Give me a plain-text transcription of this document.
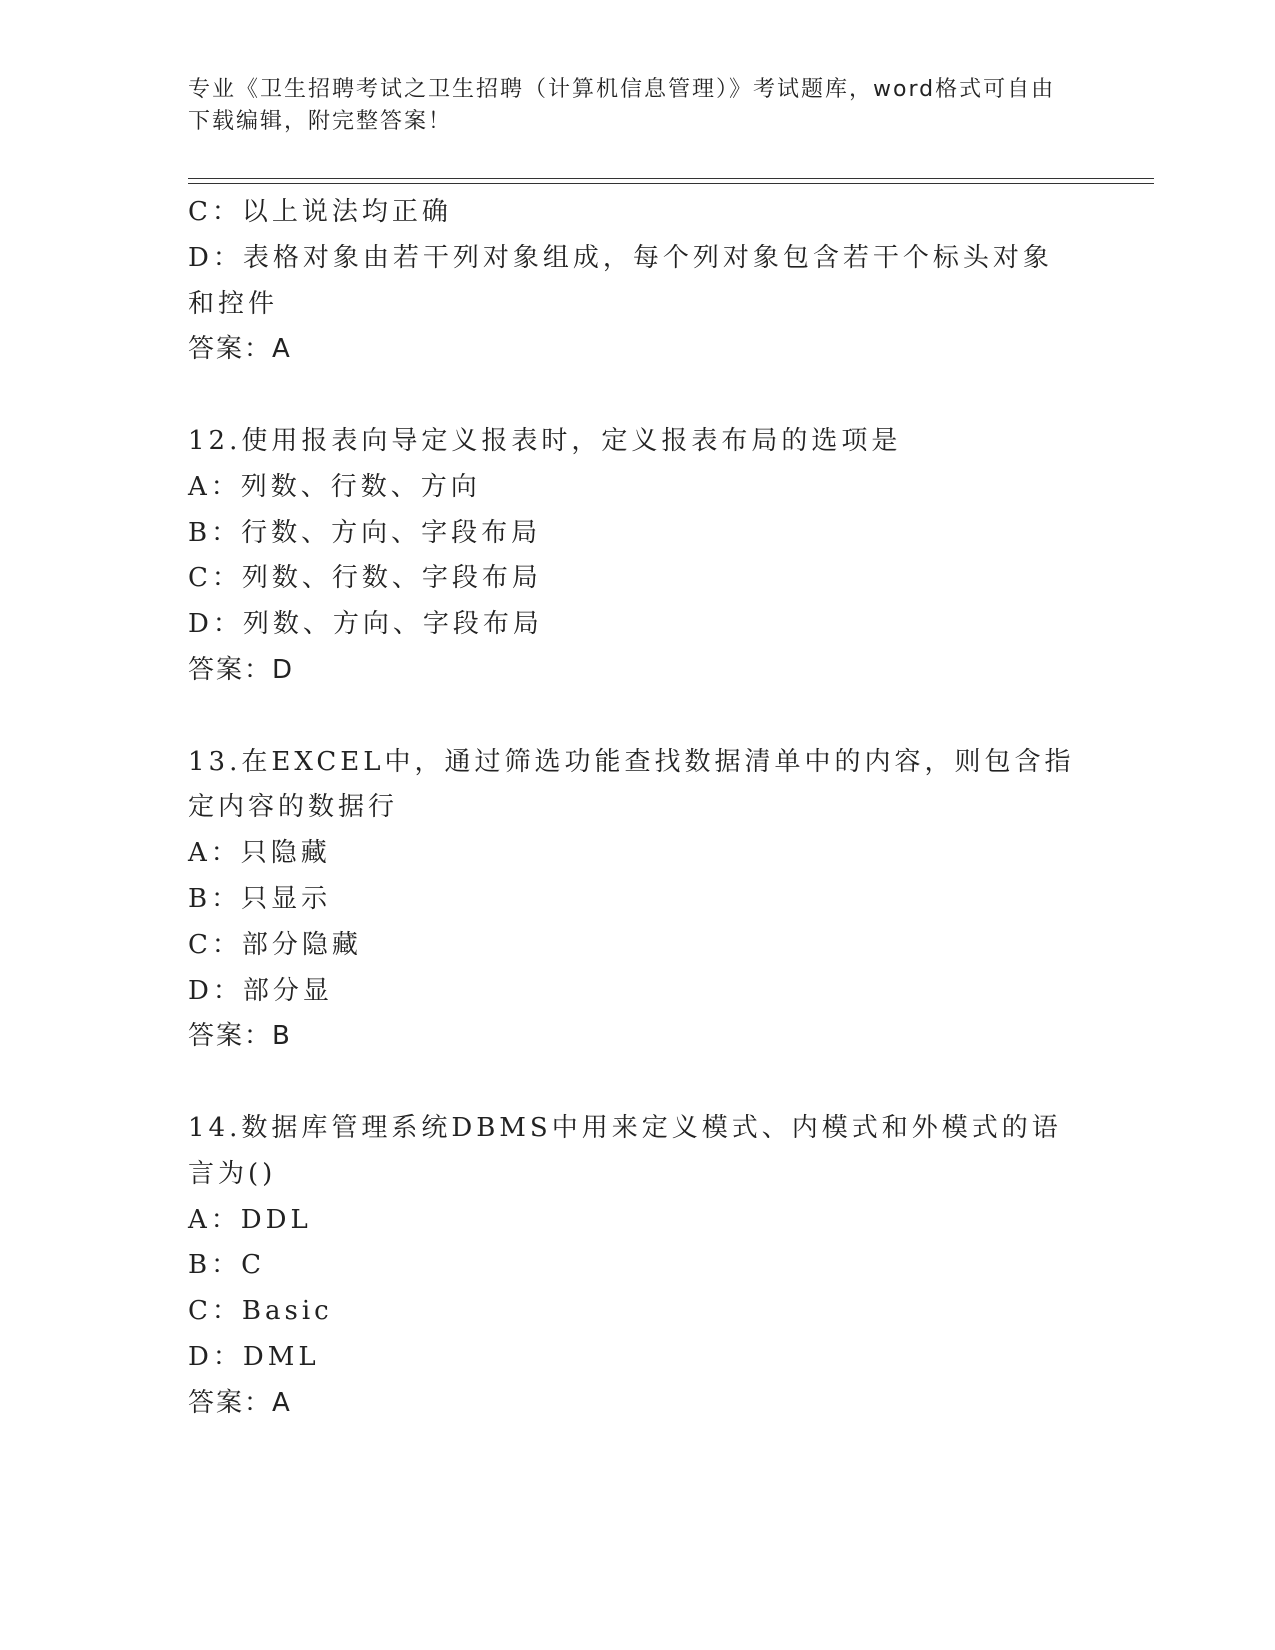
专业《卫生招聘考试之卫生招聘（计算机信息管理）》考试题库，word格式可自由下载编辑，附完整答案！
C：以上说法均正确
D：表格对象由若干列对象组成，每个列对象包含若干个标头对象和控件
答案：A
12.使用报表向导定义报表时，定义报表布局的选项是
A：列数、行数、方向
B：行数、方向、字段布局
C：列数、行数、字段布局
D：列数、方向、字段布局
答案：D
13.在EXCEL中，通过筛选功能查找数据清单中的内容，则包含指定内容的数据行
A：只隐藏
B：只显示
C：部分隐藏
D：部分显
答案：B
14.数据库管理系统DBMS中用来定义模式、内模式和外模式的语言为()
A：DDL
B：C
C：Basic
D：DML
答案：A
